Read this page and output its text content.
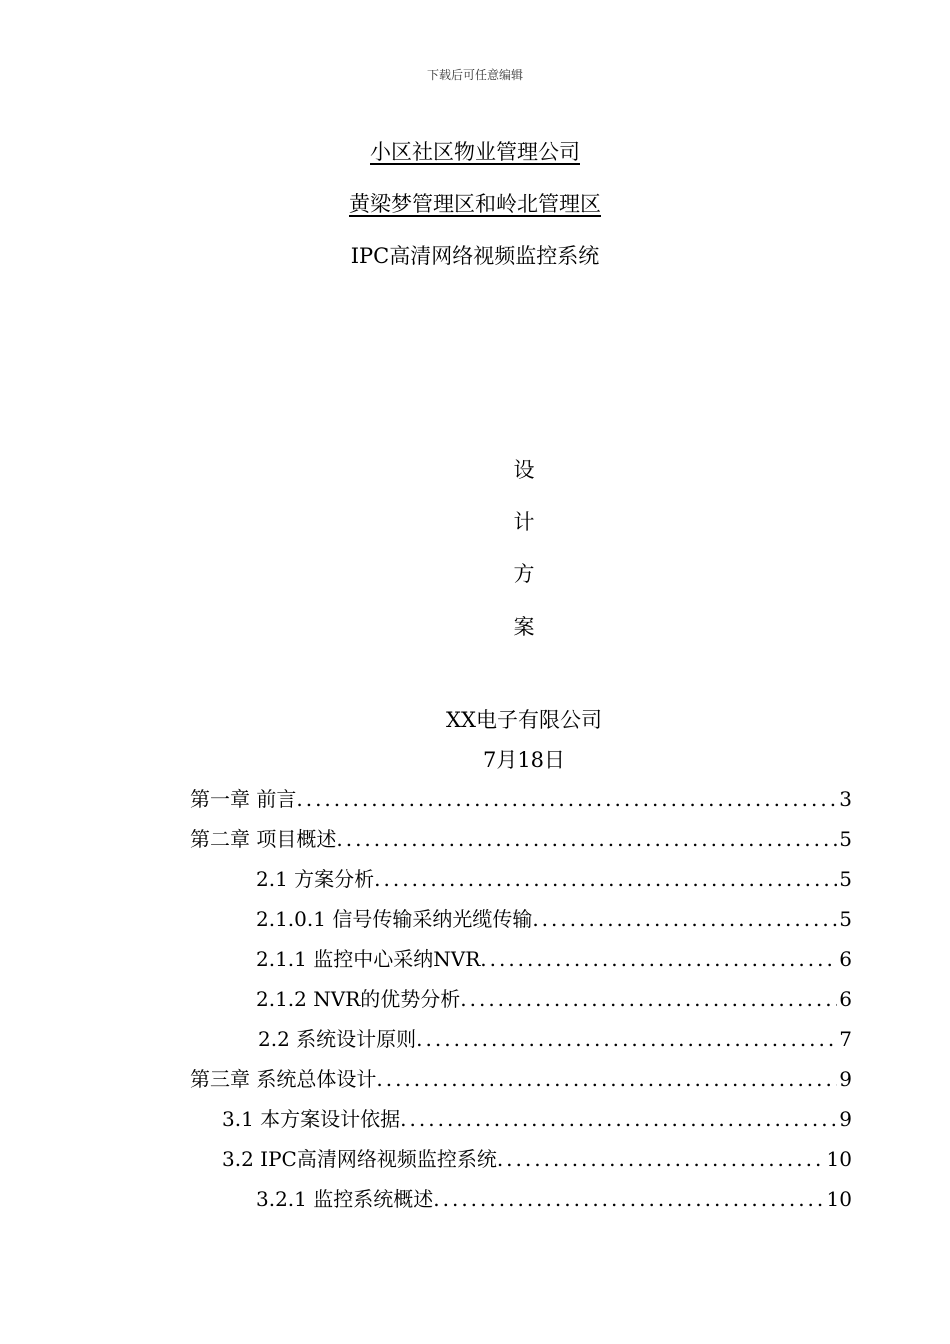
下载后可任意编辑
小区社区物业管理公司
黄梁梦管理区和岭北管理区
IPC高清网络视频监控系统
设
计
方
案
XX电子有限公司
7月18日
第一章 前言 .....	3
第二章 项目概述 .....	5
2.1 方案分析 .....	5
2.1.0.1 信号传输采纳光缆传输 .....	5
2.1.1 监控中心采纳NVR .....	6
2.1.2 NVR的优势分析 .....	6
2.2 系统设计原则 .....	7
第三章 系统总体设计 .....	9
3.1 本方案设计依据 .....	9
3.2 IPC高清网络视频监控系统 .....	10
3.2.1 监控系统概述 .....	10
